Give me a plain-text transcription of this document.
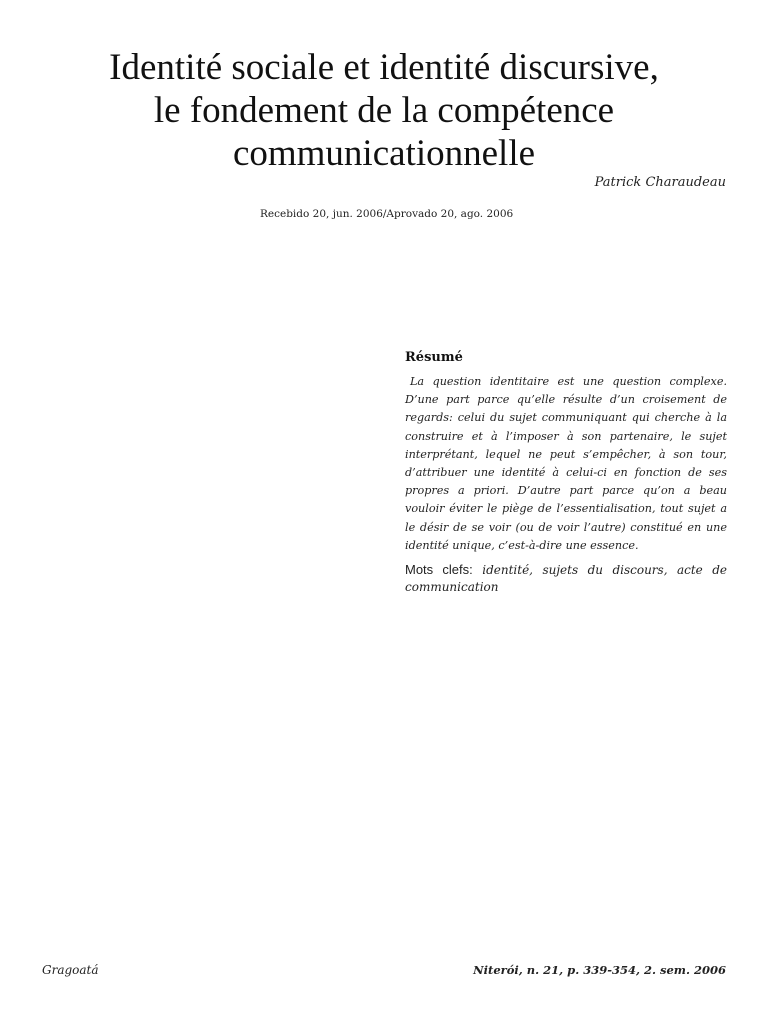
Identité sociale et identité discursive,
le fondement de la compétence
communicationnelle
Patrick Charaudeau
Recebido 20, jun. 2006/Aprovado 20, ago. 2006
Résumé

La question identitaire est une question complexe. D’une part parce qu’elle résulte d’un croisement de regards: celui du sujet communiquant qui cherche à la construire et à l’imposer à son partenaire, le sujet interprétant, lequel ne peut s’empêcher, à son tour, d’attribuer une identité à celui-ci en fonction de ses propres a priori. D’autre part parce qu’on a beau vouloir éviter le piège de l’essentialisation, tout sujet a le désir de se voir (ou de voir l’autre) constitué en une identité unique, c’est-à-dire une essence.

Mots clefs: identité, sujets du discours, acte de communication

Gragoatá	Niterói, n. 21, p. 339-354, 2. sem. 2006
